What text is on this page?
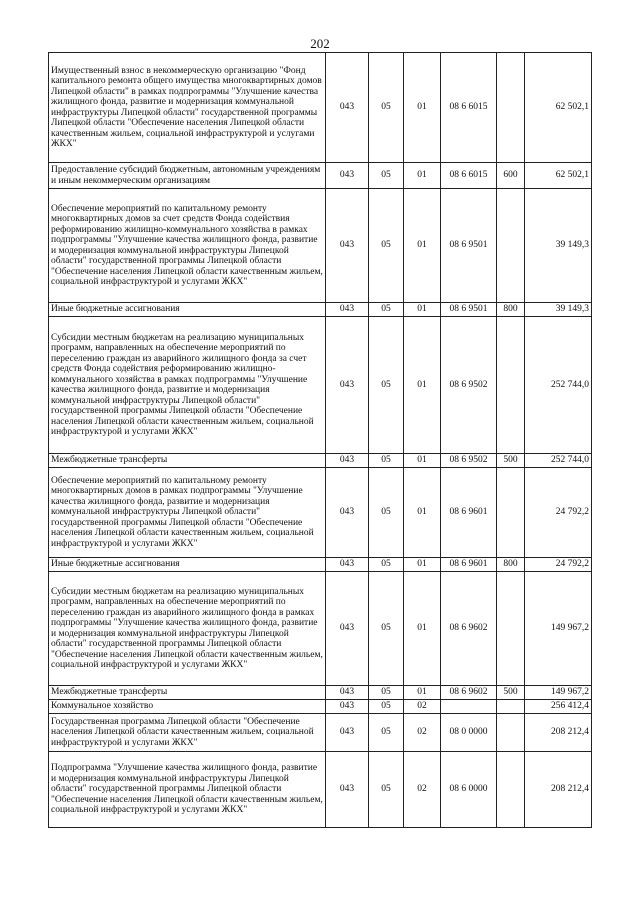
202
Имущественный взнос в некоммерческую организацию "Фонд капитального ремонта общего имущества многоквартирных домов Липецкой области" в рамках подпрограммы "Улучшение качества жилищного фонда, развитие и модернизация коммунальной инфраструктуры Липецкой области" государственной программы Липецкой области "Обеспечение населения Липецкой области качественным жильем, социальной инфраструктурой и услугами ЖКХ"	043	05	01	08 6 6015		62 502,1
Предоставление субсидий бюджетным, автономным учреждениям и иным некоммерческим организациям	043	05	01	08 6 6015	600	62 502,1
Обеспечение мероприятий по капитальному ремонту многоквартирных домов за счет средств Фонда содействия реформированию жилищно-коммунального хозяйства в рамках подпрограммы "Улучшение качества жилищного фонда, развитие и модернизация коммунальной инфраструктуры Липецкой области" государственной программы Липецкой области "Обеспечение населения Липецкой области качественным жильем, социальной инфраструктурой и услугами ЖКХ"	043	05	01	08 6 9501		39 149,3
Иные бюджетные ассигнования	043	05	01	08 6 9501	800	39 149,3
Субсидии местным бюджетам на реализацию муниципальных программ, направленных на обеспечение мероприятий по переселению граждан из аварийного жилищного фонда за счет средств Фонда содействия реформированию жилищно-коммунального хозяйства в рамках подпрограммы "Улучшение качества жилищного фонда, развитие и модернизация коммунальной инфраструктуры Липецкой области" государственной программы Липецкой области "Обеспечение населения Липецкой области качественным жильем, социальной инфраструктурой и услугами ЖКХ"	043	05	01	08 6 9502		252 744,0
Межбюджетные трансферты	043	05	01	08 6 9502	500	252 744,0
Обеспечение мероприятий по капитальному ремонту многоквартирных домов в рамках подпрограммы "Улучшение качества жилищного фонда, развитие и модернизация коммунальной инфраструктуры Липецкой области" государственной программы Липецкой области "Обеспечение населения Липецкой области качественным жильем, социальной инфраструктурой и услугами ЖКХ"	043	05	01	08 6 9601		24 792,2
Иные бюджетные ассигнования	043	05	01	08 6 9601	800	24 792,2
Субсидии местным бюджетам на реализацию муниципальных программ, направленных на обеспечение мероприятий по переселению граждан из аварийного жилищного фонда в рамках подпрограммы "Улучшение качества жилищного фонда, развитие и модернизация коммунальной инфраструктуры Липецкой области" государственной программы Липецкой области "Обеспечение населения Липецкой области качественным жильем, социальной инфраструктурой и услугами ЖКХ"	043	05	01	08 6 9602		149 967,2
Межбюджетные трансферты	043	05	01	08 6 9602	500	149 967,2
Коммунальное хозяйство	043	05	02			256 412,4
Государственная программа Липецкой области "Обеспечение населения Липецкой области качественным жильем, социальной инфраструктурой и услугами ЖКХ"	043	05	02	08 0 0000		208 212,4
Подпрограмма "Улучшение качества жилищного фонда, развитие и модернизация коммунальной инфраструктуры Липецкой области" государственной программы Липецкой области "Обеспечение населения Липецкой области качественным жильем, социальной инфраструктурой и услугами ЖКХ"	043	05	02	08 6 0000		208 212,4
